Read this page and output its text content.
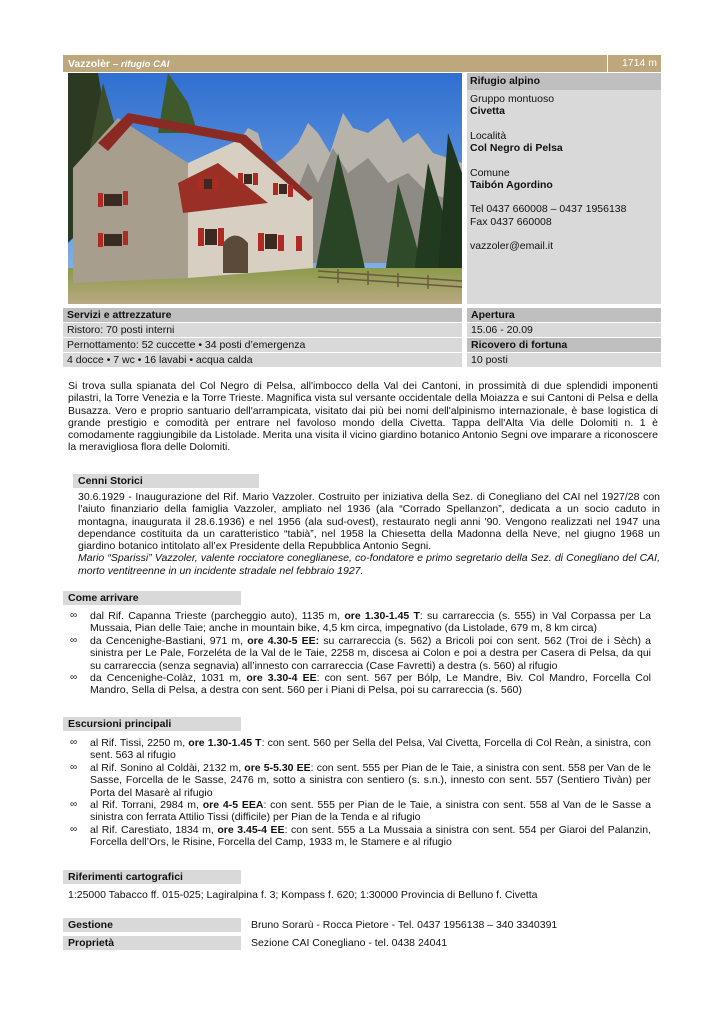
Vazzolèr – rifugio CAI	1714 m
Rifugio alpino
Gruppo montuoso
Civetta
Località
Col Negro di Pelsa
Comune
Taibón Agordino
Tel 0437 660008 – 0437 1956138
Fax 0437 660008
vazzoler@email.it
Servizi e attrezzature
Ristoro: 70 posti interni
Pernottamento: 52 cuccette • 34 posti d’emergenza
4 docce • 7 wc • 16 lavabi • acqua calda
Apertura
15.06 - 20.09
Ricovero di fortuna
10 posti
Si trova sulla spianata del Col Negro di Pelsa, all'imbocco della Val dei Cantoni, in prossimità di due splendidi imponenti pilastri, la Torre Venezia e la Torre Trieste. Magnifica vista sul versante occidentale della Moiazza e sui Cantoni di Pelsa e della Busazza. Vero e proprio santuario dell'arrampicata, visitato dai più bei nomi dell'alpinismo internazionale, è base logistica di grande prestigio e comodità per entrare nel favoloso mondo della Civetta. Tappa dell'Alta Via delle Dolomiti n. 1 è comodamente raggiungibile da Listolade. Merita una visita il vicino giardino botanico Antonio Segni ove imparare a riconoscere la meravigliosa flora delle Dolomiti.
Cenni Storici
30.6.1929 - Inaugurazione del Rif. Mario Vazzoler. Costruito per iniziativa della Sez. di Conegliano del CAI nel 1927/28 con l'aiuto finanziario della famiglia Vazzoler, ampliato nel 1936 (ala “Corrado Spellanzon”, dedicata a un socio caduto in montagna, inaugurata il 28.6.1936) e nel 1956 (ala sud-ovest), restaurato negli anni '90. Vengono realizzati nel 1947 una dependance costituita da un caratteristico “tabià”, nel 1958 la Chiesetta della Madonna della Neve, nel giugno 1968 un giardino botanico intitolato all’ex Presidente della Repubblica Antonio Segni.
Mario “Sparissi” Vazzoler, valente rocciatore coneglianese, co-fondatore e primo segretario della Sez. di Conegliano del CAI, morto ventitreenne in un incidente stradale nel febbraio 1927.
Come arrivare
∞ dal Rif. Capanna Trieste (parcheggio auto), 1135 m, ore 1.30-1.45 T: su carrareccia (s. 555) in Val Corpassa per La Mussaia, Pian delle Taie; anche in mountain bike, 4,5 km circa, impegnativo (da Listolade, 679 m, 8 km circa)
∞ da Cencenighe-Bastiani, 971 m, ore 4.30-5 EE: su carrareccia (s. 562) a Bricoli poi con sent. 562 (Troi de i Sèch) a sinistra per Le Pale, Forzeléta de la Val de le Taie, 2258 m, discesa ai Colon e poi a destra per Casera di Pelsa, da qui su carrareccia (senza segnavia) all’innesto con carrareccia (Case Favretti) a destra (s. 560) al rifugio
∞ da Cencenighe-Colàz, 1031 m, ore 3.30-4 EE: con sent. 567 per Bólp, Le Mandre, Biv. Col Mandro, Forcella Col Mandro, Sella di Pelsa, a destra con sent. 560 per i Piani di Pelsa, poi su carrareccia (s. 560)
Escursioni principali
∞ al Rif. Tissi, 2250 m, ore 1.30-1.45 T: con sent. 560 per Sella del Pelsa, Val Civetta, Forcella di Col Reàn, a sinistra, con sent. 563 al rifugio
∞ al Rif. Sonino al Coldài, 2132 m, ore 5-5.30 EE: con sent. 555 per Pian de le Taie, a sinistra con sent. 558 per Van de le Sasse, Forcella de le Sasse, 2476 m, sotto a sinistra con sentiero (s. s.n.), innesto con sent. 557 (Sentiero Tivàn) per Porta del Masarè al rifugio
∞ al Rif. Torrani, 2984 m, ore 4-5 EEA: con sent. 555 per Pian de le Taie, a sinistra con sent. 558 al Van de le Sasse a sinistra con ferrata Attilio Tissi (difficile) per Pian de la Tenda e al rifugio
∞ al Rif. Carestiato, 1834 m, ore 3.45-4 EE: con sent. 555 a La Mussaia a sinistra con sent. 554 per Giaroi del Palanzin, Forcella dell’Ors, le Risine, Forcella del Camp, 1933 m, le Stamere e al rifugio
Riferimenti cartografici
1:25000 Tabacco ff. 015-025; Lagiralpina f. 3; Kompass f. 620; 1:30000 Provincia di Belluno f. Civetta
Gestione	Bruno Sorarù - Rocca Pietore - Tel. 0437 1956138 – 340 3340391
Proprietà	Sezione CAI Conegliano - tel. 0438 24041
